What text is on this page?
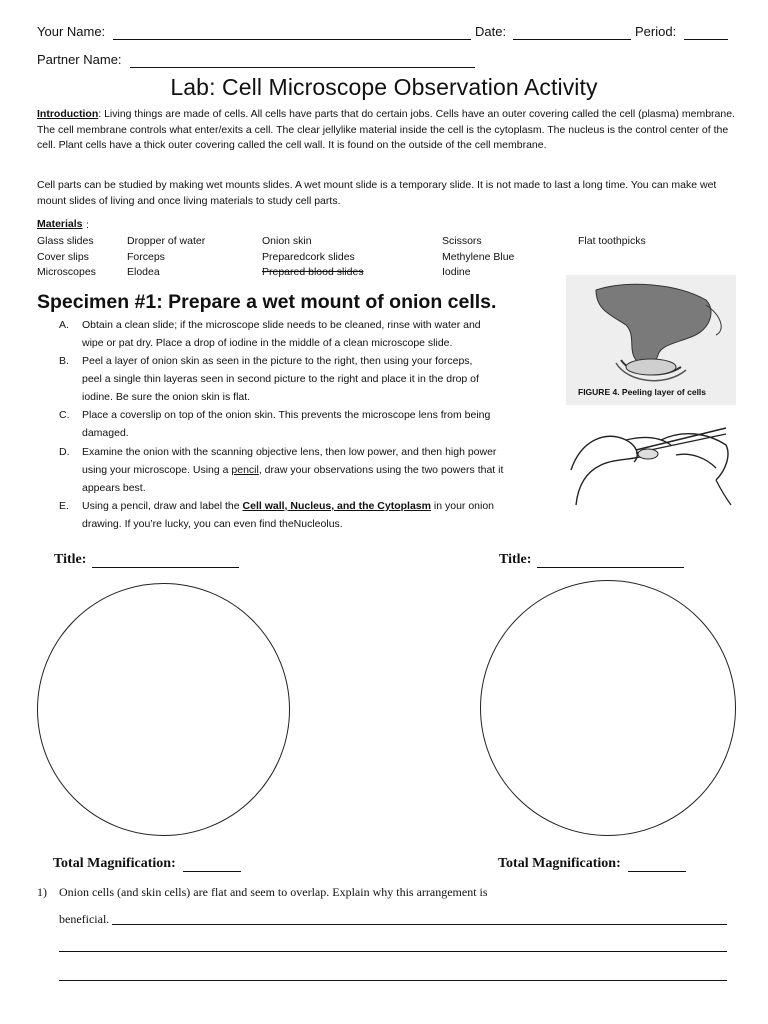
Your Name:	Date:	Period:
Partner Name:
Lab: Cell Microscope Observation Activity
Introduction: Living things are made of cells. All cells have parts that do certain jobs. Cells have an outer covering called the cell (plasma) membrane. The cell membrane controls what enter/exits a cell. The clear jellylike material inside the cell is the cytoplasm. The nucleus is the control center of the cell. Plant cells have a thick outer covering called the cell wall. It is found on the outside of the cell membrane.
Cell parts can be studied by making wet mounts slides. A wet mount slide is a temporary slide. It is not made to last a long time. You can make wet mount slides of living and once living materials to study cell parts.
Materials :
Glass slides
Cover slips
Microscopes
Dropper of water
Forceps
Elodea
Onion skin
Preparedcork slides
Prepared blood slides
Scissors
Methylene Blue
Iodine
Flat toothpicks
Specimen #1: Prepare a wet mount of onion cells.
A. Obtain a clean slide; if the microscope slide needs to be cleaned, rinse with water and
wipe or pat dry. Place a drop of iodine in the middle of a clean microscope slide.
B. Peel a layer of onion skin as seen in the picture to the right, then using your forceps,
peel a single thin layeras seen in second picture to the right and place it in the drop of
iodine. Be sure the onion skin is flat.
C. Place a coverslip on top of the onion skin. This prevents the microscope lens from being
damaged.
D. Examine the onion with the scanning objective lens, then low power, and then high power
using your microscope. Using a pencil, draw your observations using the two powers that it
appears best.
E. Using a pencil, draw and label the Cell wall, Nucleus, and the Cytoplasm in your onion
drawing. If you’re lucky, you can even find theNucleolus.
FIGURE 4. Peeling layer of cells
Title:
Total Magnification:
Title:
Total Magnification:
1) Onion cells (and skin cells) are flat and seem to overlap. Explain why this arrangement is
beneficial.
